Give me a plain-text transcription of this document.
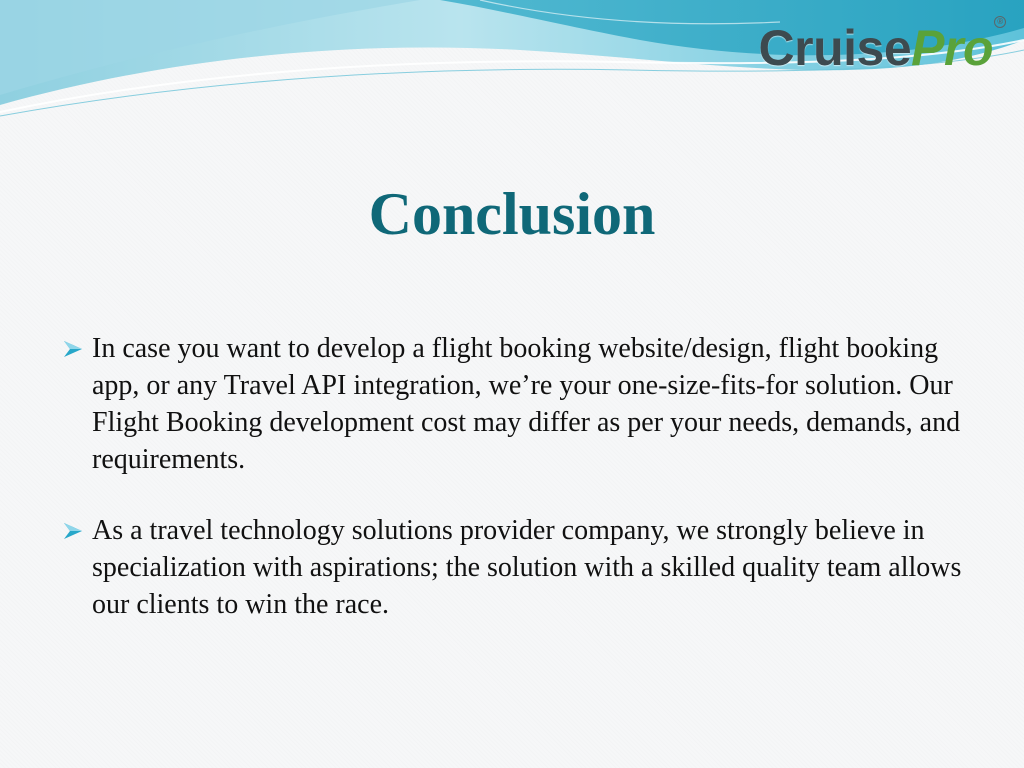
Cruise Pro ®
Conclusion
In case you want to develop a flight booking website/design, flight booking app, or any Travel API integration, we’re your one-size-fits-for solution. Our Flight Booking development cost may differ as per your needs, demands, and requirements.
As a travel technology solutions provider company, we strongly believe in specialization with aspirations; the solution with a skilled quality team allows our clients to win the race.
